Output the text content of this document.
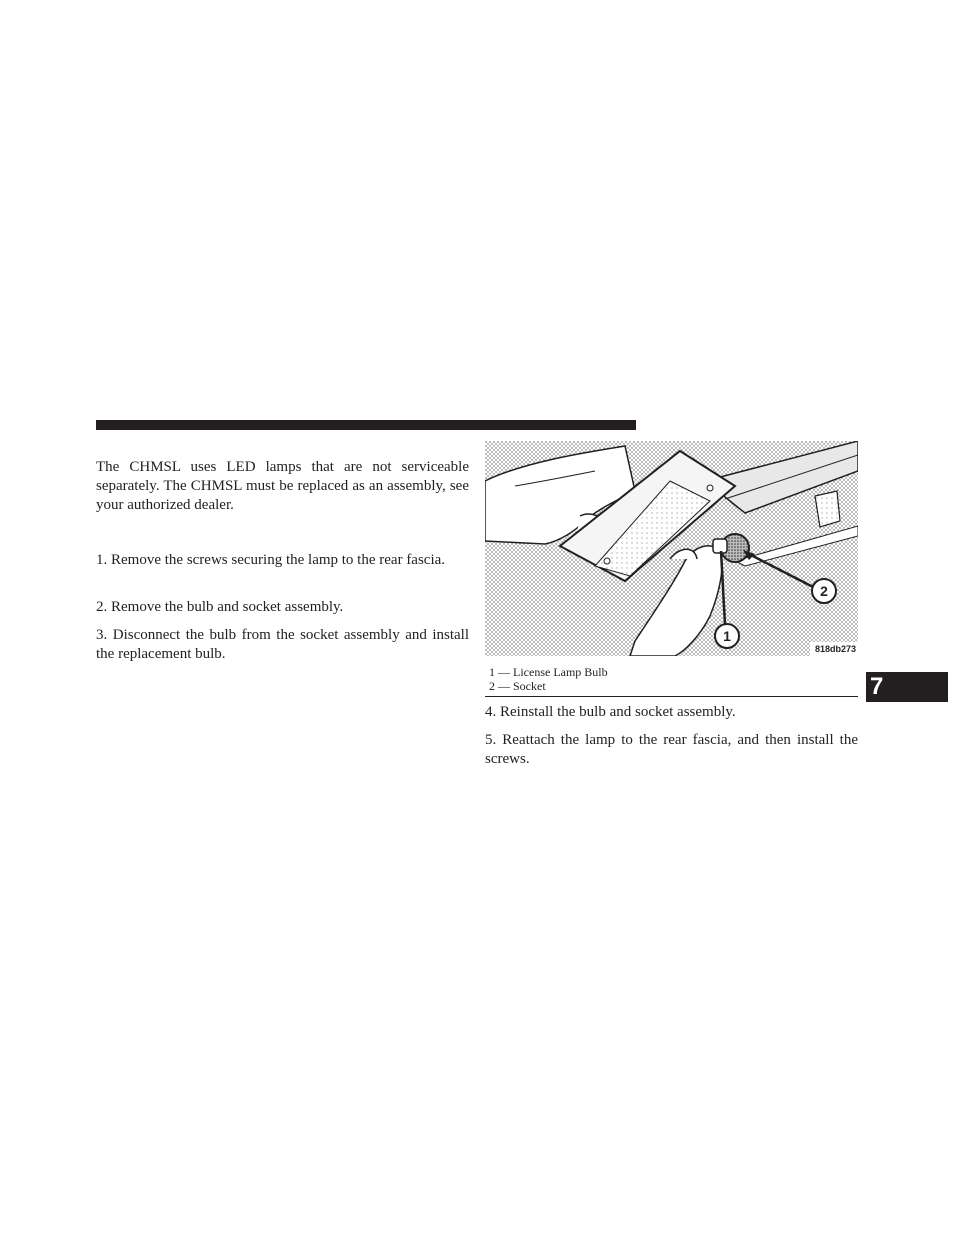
The CHMSL uses LED lamps that are not serviceable separately. The CHMSL must be replaced as an assembly, see your authorized dealer.

1. Remove the screws securing the lamp to the rear fascia.

2. Remove the bulb and socket assembly.

3. Disconnect the bulb from the socket assembly and install the replacement bulb.

1
2
818db273
1 — License Lamp Bulb
2 — Socket

4. Reinstall the bulb and socket assembly.

5. Reattach the lamp to the rear fascia, and then install the screws.

7
